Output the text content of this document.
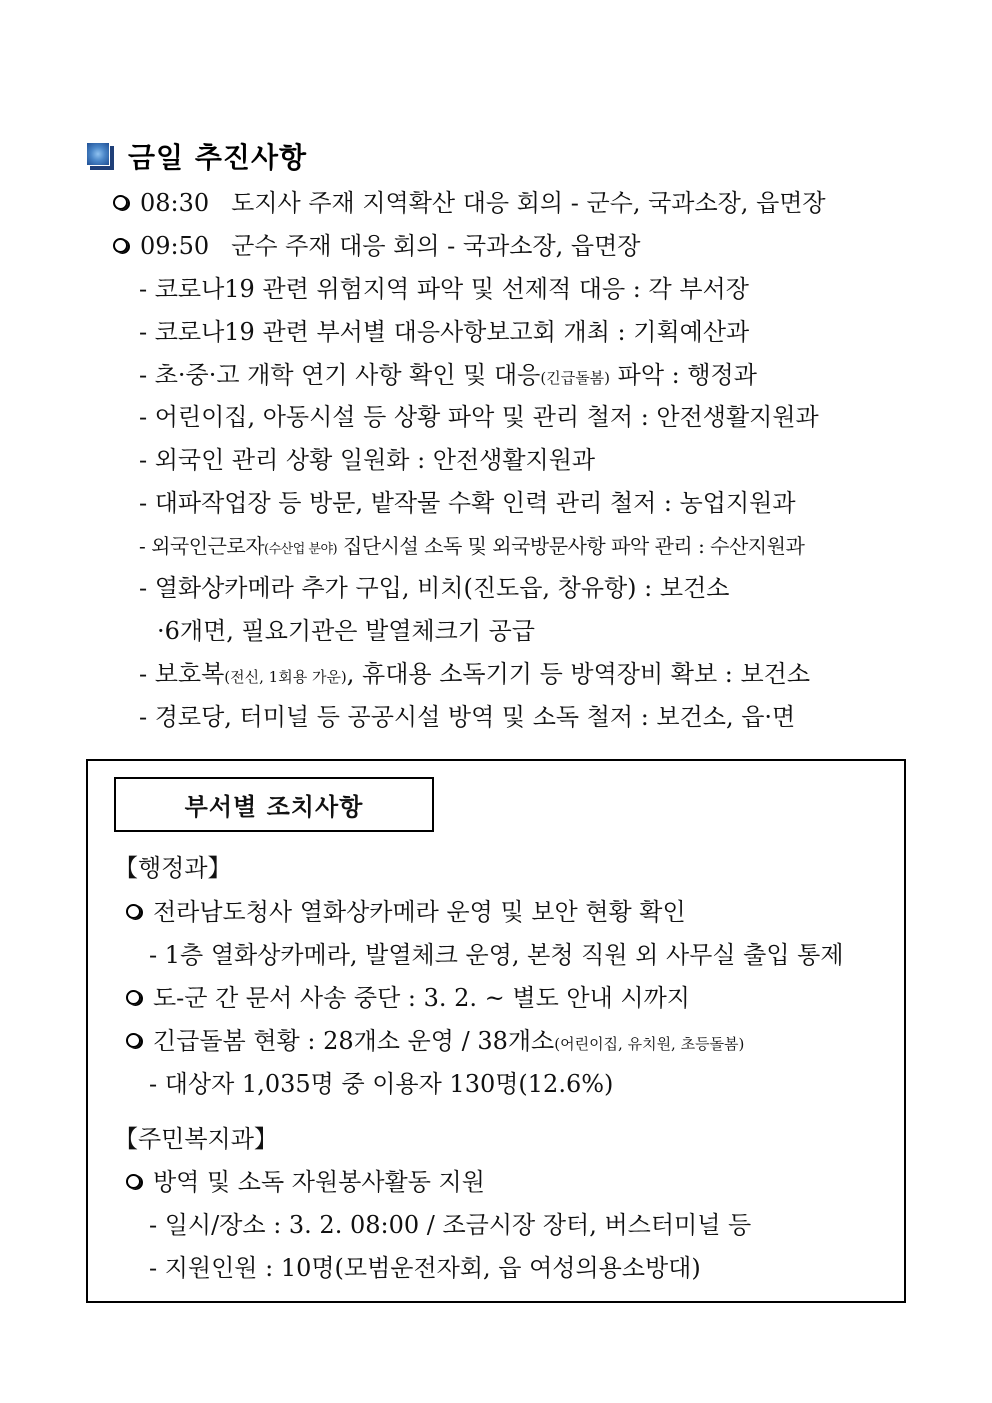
금일 추진사항
08:30 도지사 주재 지역확산 대응 회의 - 군수, 국과소장, 읍면장
09:50 군수 주재 대응 회의 - 국과소장, 읍면장
- 코로나19 관련 위험지역 파악 및 선제적 대응 : 각 부서장
- 코로나19 관련 부서별 대응사항보고회 개최 : 기획예산과
- 초·중·고 개학 연기 사항 확인 및 대응(긴급돌봄) 파악 : 행정과
- 어린이집, 아동시설 등 상황 파악 및 관리 철저 : 안전생활지원과
- 외국인 관리 상황 일원화 : 안전생활지원과
- 대파작업장 등 방문, 밭작물 수확 인력 관리 철저 : 농업지원과
- 외국인근로자(수산업 분야) 집단시설 소독 및 외국방문사항 파악 관리 : 수산지원과
- 열화상카메라 추가 구입, 비치(진도읍, 창유항) : 보건소
·6개면, 필요기관은 발열체크기 공급
- 보호복(전신, 1회용 가운), 휴대용 소독기기 등 방역장비 확보 : 보건소
- 경로당, 터미널 등 공공시설 방역 및 소독 철저 : 보건소, 읍·면
부서별 조치사항
【행정과】
전라남도청사 열화상카메라 운영 및 보안 현황 확인
- 1층 열화상카메라, 발열체크 운영, 본청 직원 외 사무실 출입 통제
도-군 간 문서 사송 중단 : 3. 2. ~ 별도 안내 시까지
긴급돌봄 현황 : 28개소 운영 / 38개소(어린이집, 유치원, 초등돌봄)
- 대상자 1,035명 중 이용자 130명(12.6%)
【주민복지과】
방역 및 소독 자원봉사활동 지원
- 일시/장소 : 3. 2. 08:00 / 조금시장 장터, 버스터미널 등
- 지원인원 : 10명(모범운전자회, 읍 여성의용소방대)
